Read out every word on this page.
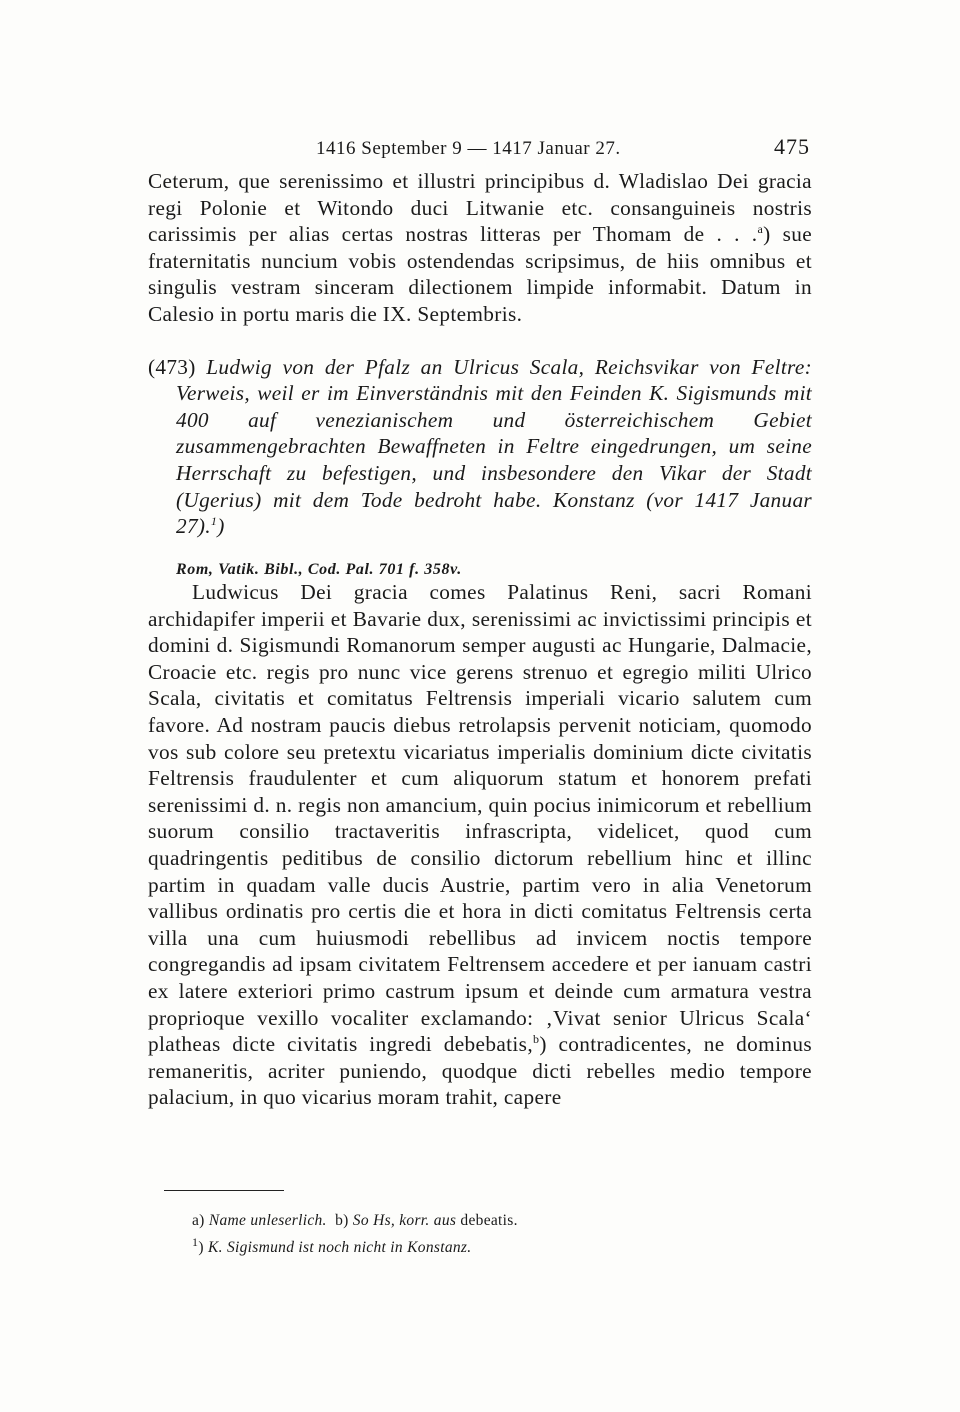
1416 September 9 — 1417 Januar 27.	475

Ceterum, que serenissimo et illustri principibus d. Wladislao Dei gracia regi Polonie et Witondo duci Litwanie etc. consanguineis nostris carissimis per alias certas nostras litteras per Thomam de . . .$^a$) sue fraternitatis nuncium vobis ostendendas scripsimus, de hiis omnibus et singulis vestram sinceram dilectionem limpide informabit. Datum in Calesio in portu maris die IX. Septembris.

(473) Ludwig von der Pfalz an Ulricus Scala, Reichsvikar von Feltre: Verweis, weil er im Einverständnis mit den Feinden K. Sigismunds mit 400 auf venezianischem und österreichischem Gebiet zusammengebrachten Bewaffneten in Feltre eingedrungen, um seine Herrschaft zu befestigen, und insbesondere den Vikar der Stadt (Ugerius) mit dem Tode bedroht habe. Konstanz (vor 1417 Januar 27).$^1$)

Rom, Vatik. Bibl., Cod. Pal. 701 f. 358v.

Ludwicus Dei gracia comes Palatinus Reni, sacri Romani archidapifer imperii et Bavarie dux, serenissimi ac invictissimi principis et domini d. Sigismundi Romanorum semper augusti ac Hungarie, Dalmacie, Croacie etc. regis pro nunc vice gerens strenuo et egregio militi Ulrico Scala, civitatis et comitatus Feltrensis imperiali vicario salutem cum favore. Ad nostram paucis diebus retrolapsis pervenit noticiam, quomodo vos sub colore seu pretextu vicariatus imperialis dominium dicte civitatis Feltrensis fraudulenter et cum aliquorum statum et honorem prefati serenissimi d. n. regis non amancium, quin pocius inimicorum et rebellium suorum consilio tractaveritis infrascripta, videlicet, quod cum quadringentis peditibus de consilio dictorum rebellium hinc et illinc partim in quadam valle ducis Austrie, partim vero in alia Venetorum vallibus ordinatis pro certis die et hora in dicti comitatus Feltrensis certa villa una cum huiusmodi rebellibus ad invicem noctis tempore congregandis ad ipsam civitatem Feltrensem accedere et per ianuam castri ex latere exteriori primo castrum ipsum et deinde cum armatura vestra proprioque vexillo vocaliter exclamando: ‚Vivat senior Ulricus Scala‘ platheas dicte civitatis ingredi debebatis,$^b$) contradicentes, ne dominus remaneritis, acriter puniendo, quodque dicti rebelles medio tempore palacium, in quo vicarius moram trahit, capere

a) Name unleserlich. b) So Hs, korr. aus debeatis.
$^1$) K. Sigismund ist noch nicht in Konstanz.
